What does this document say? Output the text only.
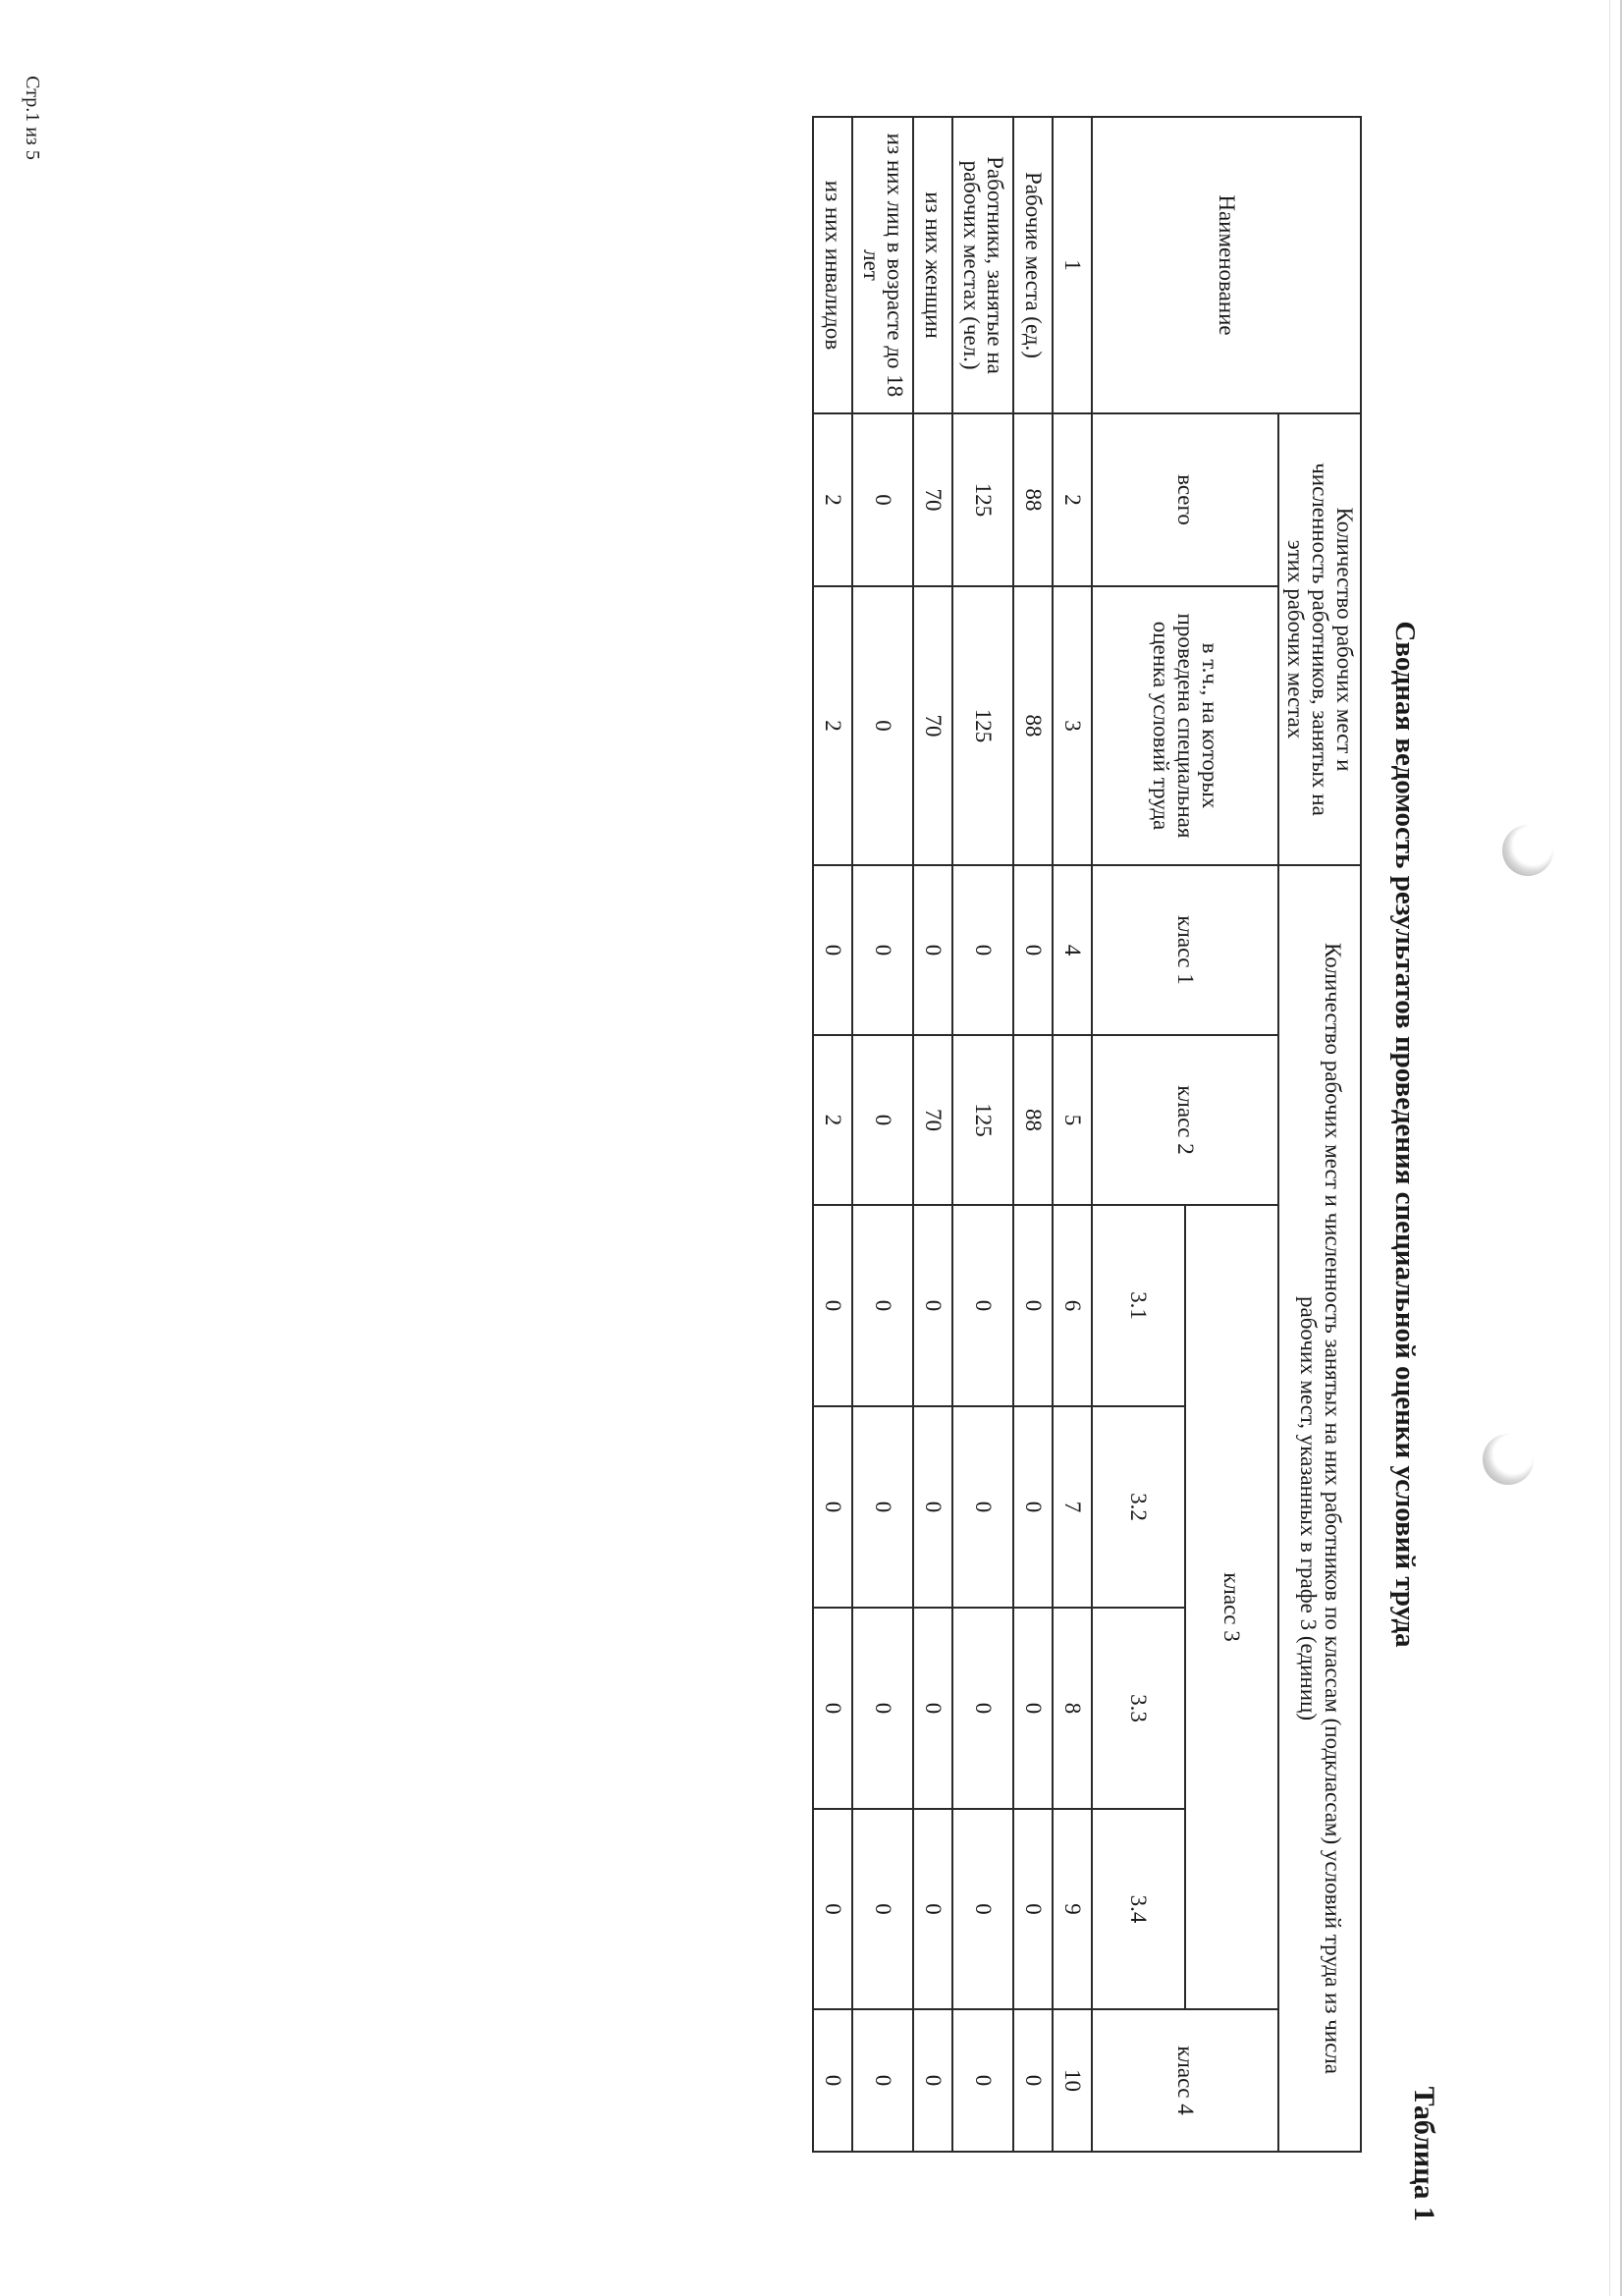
Стр.1 из 5
Таблица 1
Сводная ведомость результатов проведения специальной оценки условий труда
Наименование	Количество рабочих мест и численность работников, занятых на этих рабочих местах		Количество рабочих мест и численность занятых на них работников по классам (подклассам) условий труда из числа рабочих мест, указанных в графе 3 (единиц)						
	всего	в т.ч., на которых проведена специальная оценка условий труда	класс 1	класс 2	класс 3				класс 4
					3.1	3.2	3.3	3.4	
1	2	3	4	5	6	7	8	9	10
Рабочие места (ед.)	88	88	0	88	0	0	0	0	0
Работники, занятые на рабочих местах (чел.)	125	125	0	125	0	0	0	0	0
из них женщин	70	70	0	70	0	0	0	0	0
из них лиц в возрасте до 18 лет	0	0	0	0	0	0	0	0	0
из них инвалидов	2	2	0	2	0	0	0	0	0
